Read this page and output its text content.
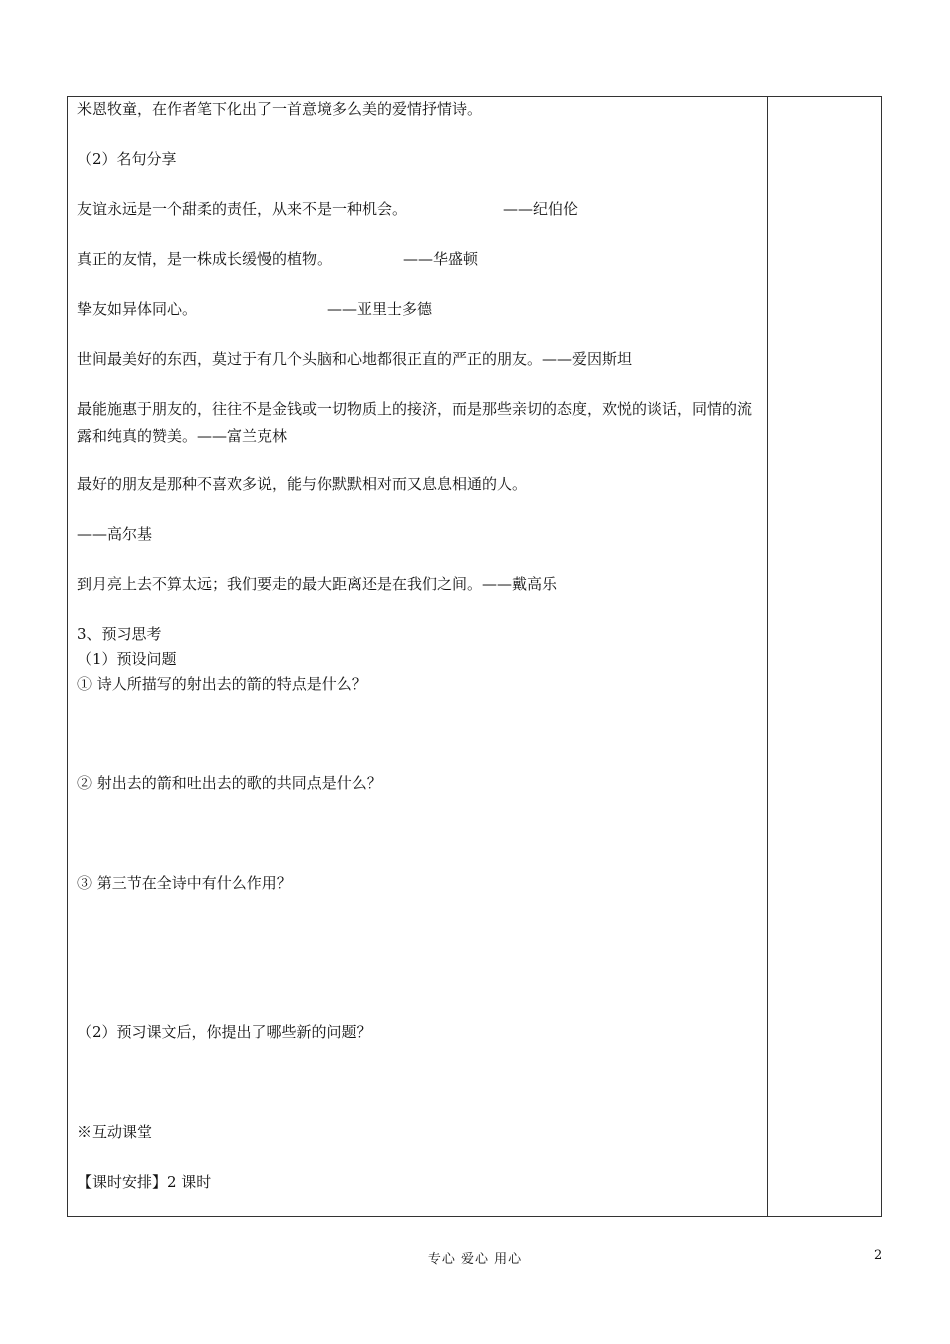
米恩牧童，在作者笔下化出了一首意境多么美的爱情抒情诗。
（2）名句分享
友谊永远是一个甜柔的责任，从来不是一种机会。	——纪伯伦
真正的友情，是一株成长缓慢的植物。	——华盛顿
挚友如异体同心。	——亚里士多德
世间最美好的东西，莫过于有几个头脑和心地都很正直的严正的朋友。——爱因斯坦
最能施惠于朋友的，往往不是金钱或一切物质上的接济，而是那些亲切的态度，欢悦的谈话，同情的流露和纯真的赞美。——富兰克林
最好的朋友是那种不喜欢多说，能与你默默相对而又息息相通的人。
——高尔基
到月亮上去不算太远；我们要走的最大距离还是在我们之间。——戴高乐
3、预习思考
（1）预设问题
① 诗人所描写的射出去的箭的特点是什么？
② 射出去的箭和吐出去的歌的共同点是什么？
③ 第三节在全诗中有什么作用？
（2）预习课文后，你提出了哪些新的问题？
※互动课堂
【课时安排】2 课时
专心 爱心 用心	2
